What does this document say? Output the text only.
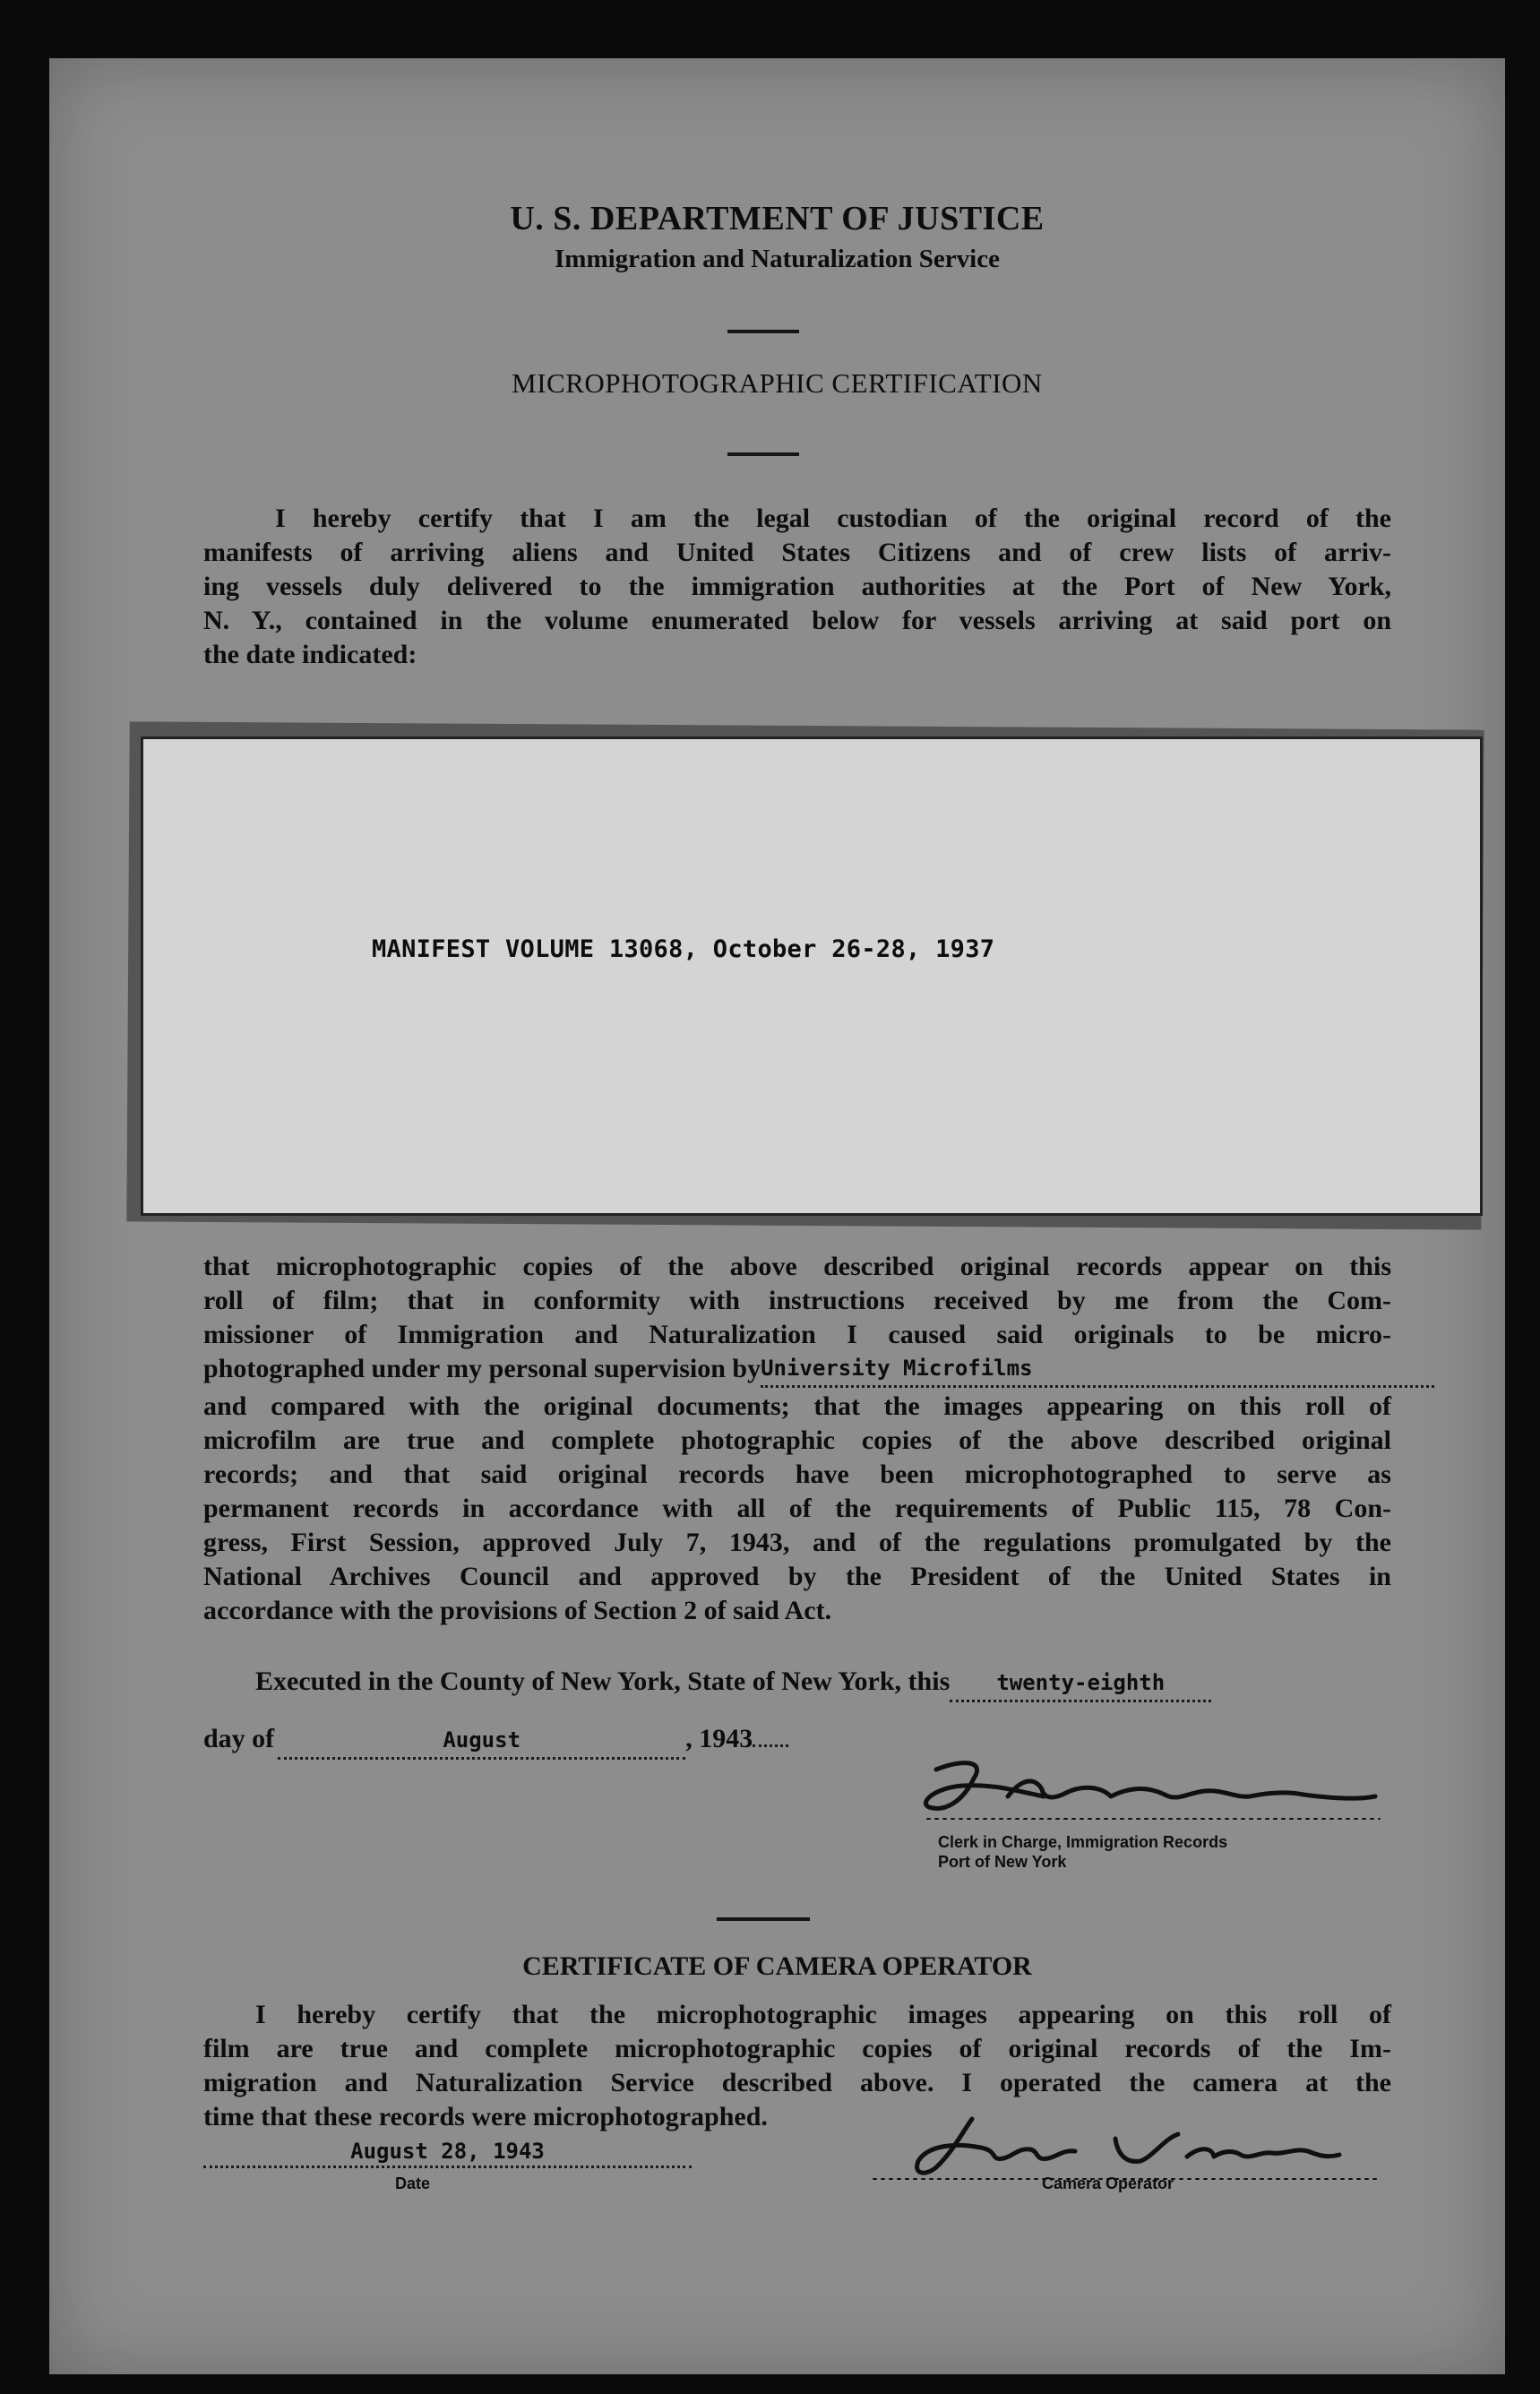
U. S. DEPARTMENT OF JUSTICE
Immigration and Naturalization Service
MICROPHOTOGRAPHIC CERTIFICATION
I hereby certify that I am the legal custodian of the original record of the
manifests of arriving aliens and United States Citizens and of crew lists of arriv-
ing vessels duly delivered to the immigration authorities at the Port of New York,
N. Y., contained in the volume enumerated below for vessels arriving at said port on
the date indicated:
MANIFEST VOLUME 13068, October 26-28, 1937
that microphotographic copies of the above described original records appear on this
roll of film; that in conformity with instructions received by me from the Com-
missioner of Immigration and Naturalization I caused said originals to be micro-
photographed under my personal supervision byUniversity Microfilms
and compared with the original documents; that the images appearing on this roll of
microfilm are true and complete photographic copies of the above described original
records; and that said original records have been microphotographed to serve as
permanent records in accordance with all of the requirements of Public 115, 78 Con-
gress, First Session, approved July 7, 1943, and of the regulations promulgated by the
National Archives Council and approved by the President of the United States in
accordance with the provisions of Section 2 of said Act.
Executed in the County of New York, State of New York, this twenty-eighth
day of	August	, 1943
Clerk in Charge, Immigration Records
Port of New York
CERTIFICATE OF CAMERA OPERATOR
I hereby certify that the microphotographic images appearing on this roll of
film are true and complete microphotographic copies of original records of the Im-
migration and Naturalization Service described above. I operated the camera at the
time that these records were microphotographed.
August 28, 1943
Date	Camera Operator
